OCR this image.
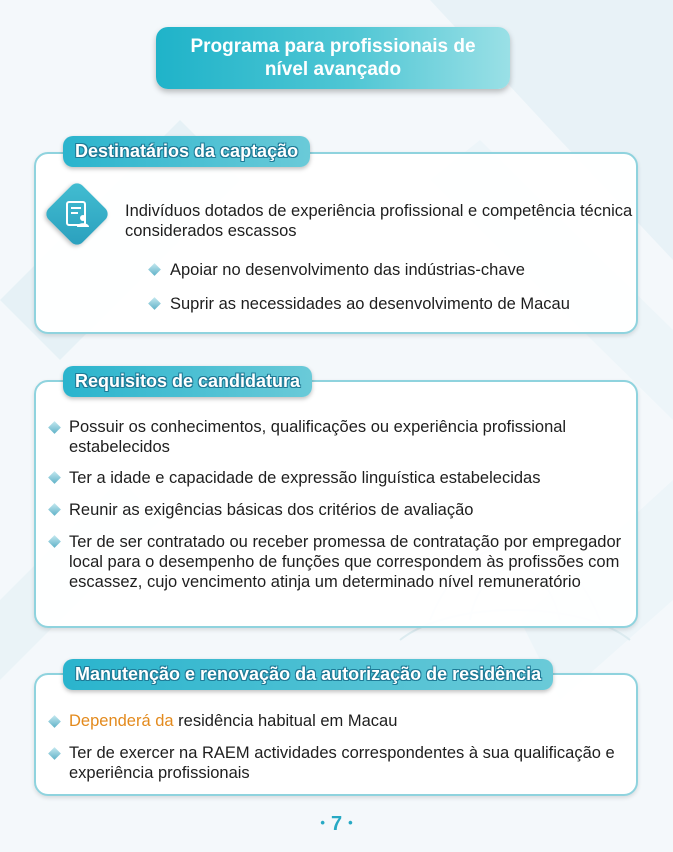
Programa para profissionais de nível avançado
Indivíduos dotados de experiência profissional e competência técnica considerados escassos
Apoiar no desenvolvimento das indústrias-chave
Suprir as necessidades ao desenvolvimento de Macau
Destinatários da captação
Possuir os conhecimentos, qualificações ou experiência profissional estabelecidos
Ter a idade e capacidade de expressão linguística estabelecidas
Reunir as exigências básicas dos critérios de avaliação
Ter de ser contratado ou receber promessa de contratação por empregador local para o desempenho de funções que correspondem às profissões com escassez, cujo vencimento atinja um determinado nível remuneratório
Requisitos de candidatura
Dependerá da residência habitual em Macau
Ter de exercer na RAEM actividades correspondentes à sua qualificação e experiência profissionais
Manutenção e renovação da autorização de residência
• 7 •
